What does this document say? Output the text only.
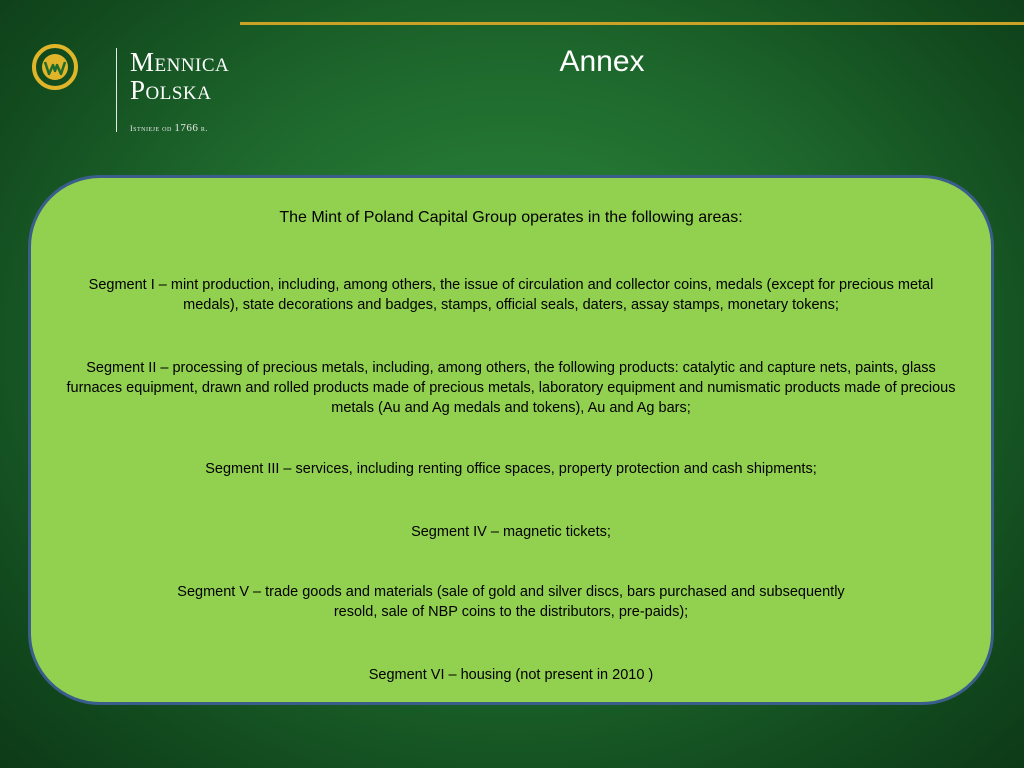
Mennica
Polska
Istnieje od 1766 r.
Annex

The Mint of Poland Capital Group operates in the following areas:

Segment I – mint production, including, among others, the issue of circulation and collector coins, medals (except for precious metal medals), state decorations and badges, stamps, official seals, daters, assay stamps, monetary tokens;

Segment II – processing of precious metals, including, among others, the following products: catalytic and capture nets, paints, glass furnaces equipment, drawn and rolled products made of precious metals, laboratory equipment and numismatic products made of precious metals (Au and Ag medals and tokens), Au and Ag bars;

Segment III – services, including renting office spaces, property protection and cash shipments;

Segment IV – magnetic tickets;

Segment V – trade goods and materials (sale of gold and silver discs, bars purchased and subsequently resold, sale of NBP coins to the distributors, pre-paids);

Segment VI – housing (not present in 2010 )
